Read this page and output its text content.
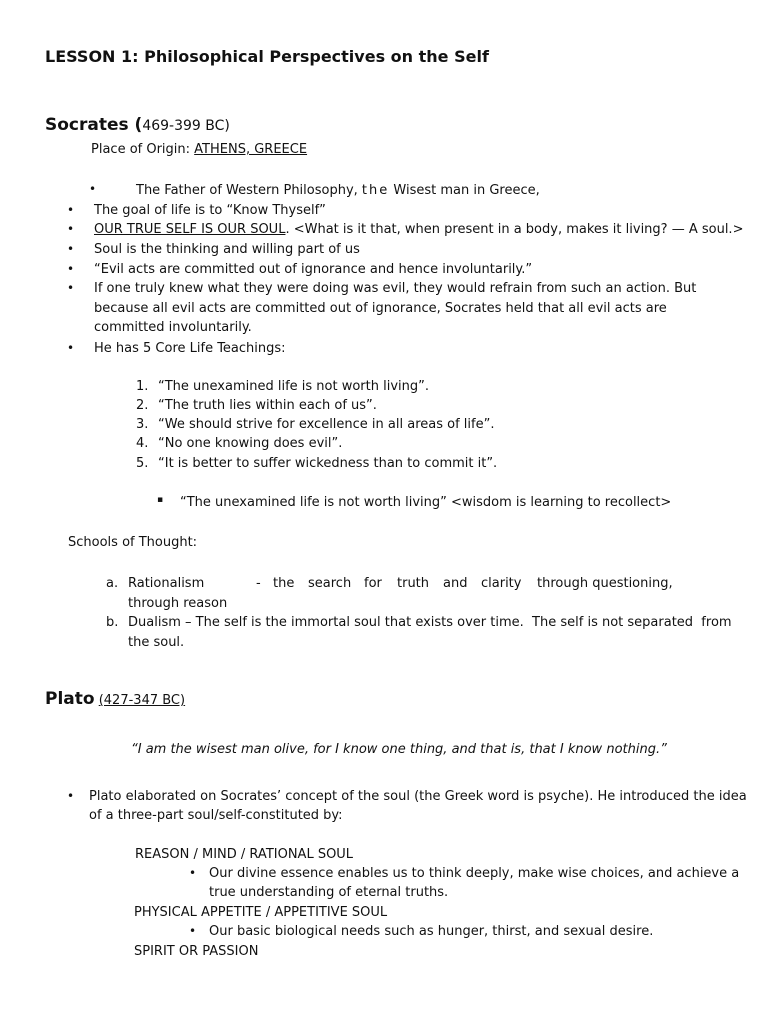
LESSON 1: Philosophical Perspectives on the Self
Socrates (469-399 BC)
Place of Origin: ATHENS, GREECE
•	The Father of Western Philosophy, the Wisest man in Greece,
• The goal of life is to “Know Thyself”
• OUR TRUE SELF IS OUR SOUL. <What is it that, when present in a body, makes it living? — A soul.>
• Soul is the thinking and willing part of us
• “Evil acts are committed out of ignorance and hence involuntarily.”
• If one truly knew what they were doing was evil, they would refrain from such an action. But because all evil acts are committed out of ignorance, Socrates held that all evil acts are committed involuntarily.
• He has 5 Core Life Teachings:
1. “The unexamined life is not worth living”.
2. “The truth lies within each of us”.
3. “We should strive for excellence in all areas of life”.
4. “No one knowing does evil”.
5. “It is better to suffer wickedness than to commit it”.
▪ “The unexamined life is not worth living” <wisdom is learning to recollect>
Schools of Thought:
a. Rationalism	- the search for truth and clarity through questioning,
through reason
b. Dualism – The self is the immortal soul that exists over time.  The self is not separated  from
the soul.
Plato (427-347 BC)
“I am the wisest man olive, for I know one thing, and that is, that I know nothing.”
• Plato elaborated on Socrates’ concept of the soul (the Greek word is psyche). He introduced the idea
of a three-part soul/self-constituted by:
REASON / MIND / RATIONAL SOUL
• Our divine essence enables us to think deeply, make wise choices, and achieve a
true understanding of eternal truths.
PHYSICAL APPETITE / APPETITIVE SOUL
• Our basic biological needs such as hunger, thirst, and sexual desire.
SPIRIT OR PASSION
